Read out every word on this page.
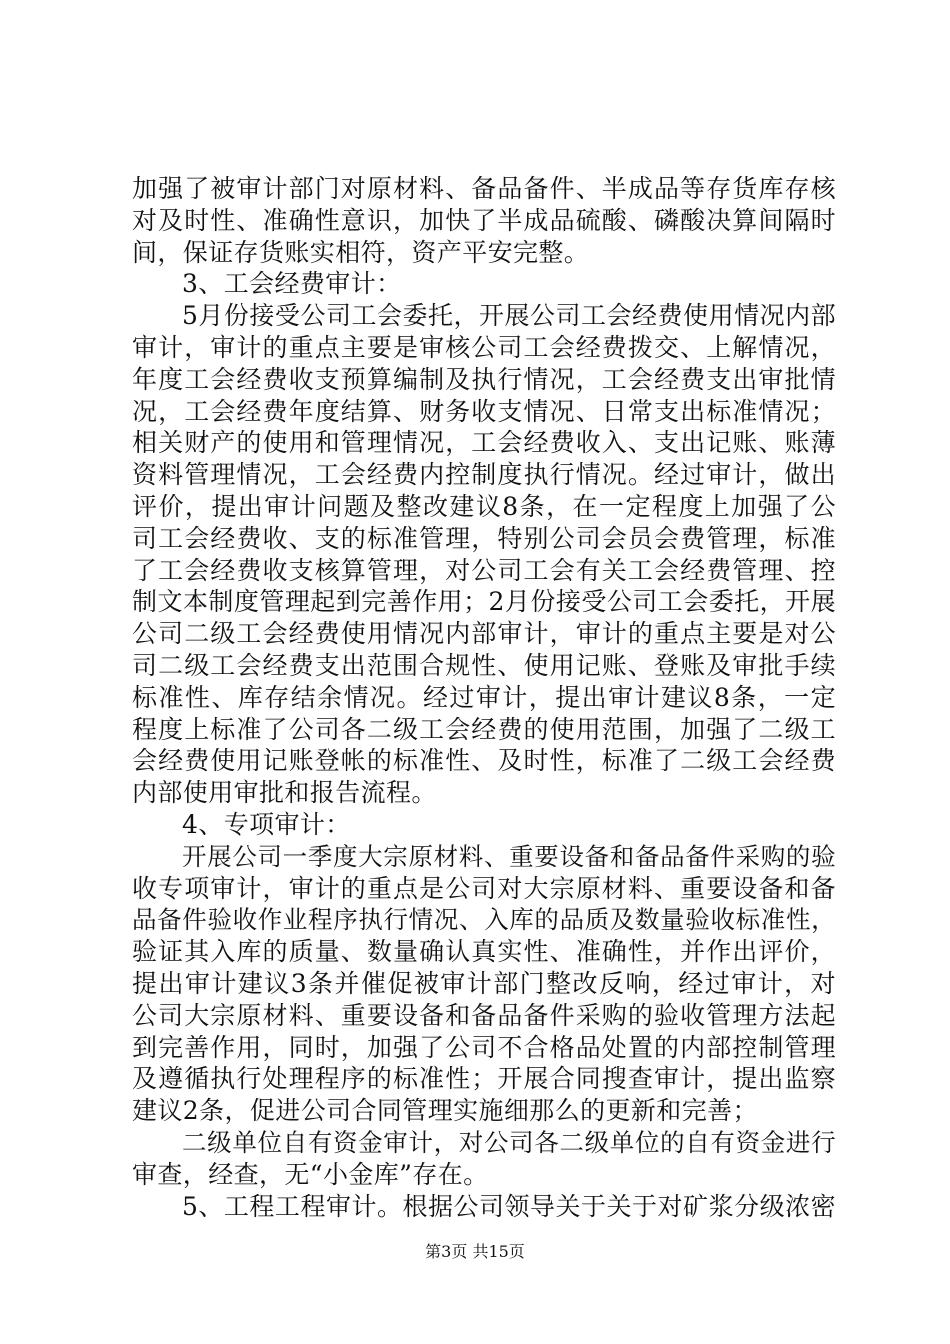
加强了被审计部门对原材料、备品备件、半成品等存货库存核
对及时性、准确性意识，加快了半成品硫酸、磷酸决算间隔时
间，保证存货账实相符，资产平安完整。
3、工会经费审计：
5月份接受公司工会委托，开展公司工会经费使用情况内部
审计，审计的重点主要是审核公司工会经费拨交、上解情况，
年度工会经费收支预算编制及执行情况，工会经费支出审批情
况，工会经费年度结算、财务收支情况、日常支出标准情况；
相关财产的使用和管理情况，工会经费收入、支出记账、账薄
资料管理情况，工会经费内控制度执行情况。经过审计，做出
评价，提出审计问题及整改建议8条，在一定程度上加强了公
司工会经费收、支的标准管理，特别公司会员会费管理，标准
了工会经费收支核算管理，对公司工会有关工会经费管理、控
制文本制度管理起到完善作用；2月份接受公司工会委托，开展
公司二级工会经费使用情况内部审计，审计的重点主要是对公
司二级工会经费支出范围合规性、使用记账、登账及审批手续
标准性、库存结余情况。经过审计，提出审计建议8条，一定
程度上标准了公司各二级工会经费的使用范围，加强了二级工
会经费使用记账登帐的标准性、及时性，标准了二级工会经费
内部使用审批和报告流程。
4、专项审计：
开展公司一季度大宗原材料、重要设备和备品备件采购的验
收专项审计，审计的重点是公司对大宗原材料、重要设备和备
品备件验收作业程序执行情况、入库的品质及数量验收标准性，
验证其入库的质量、数量确认真实性、准确性，并作出评价，
提出审计建议3条并催促被审计部门整改反响，经过审计，对
公司大宗原材料、重要设备和备品备件采购的验收管理方法起
到完善作用，同时，加强了公司不合格品处置的内部控制管理
及遵循执行处理程序的标准性；开展合同搜查审计，提出监察
建议2条，促进公司合同管理实施细那么的更新和完善；
二级单位自有资金审计，对公司各二级单位的自有资金进行
审查，经查，无“小金库”存在。
5、工程工程审计。根据公司领导关于关于对矿浆分级浓密
第3页 共15页
